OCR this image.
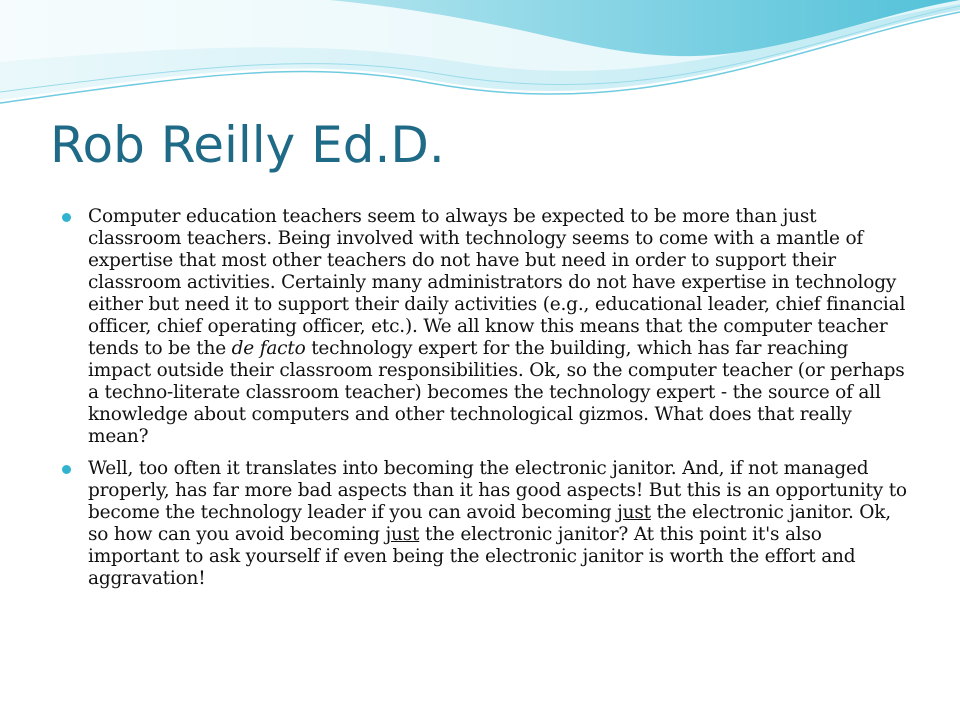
Rob Reilly Ed.D.
Computer education teachers seem to always be expected to be more than just classroom teachers. Being involved with technology seems to come with a mantle of expertise that most other teachers do not have but need in order to support their classroom activities. Certainly many administrators do not have expertise in technology either but need it to support their daily activities (e.g., educational leader, chief financial officer, chief operating officer, etc.). We all know this means that the computer teacher tends to be the de facto technology expert for the building, which has far reaching impact outside their classroom responsibilities. Ok, so the computer teacher (or perhaps a techno-literate classroom teacher) becomes the technology expert - the source of all knowledge about computers and other technological gizmos. What does that really mean?
Well, too often it translates into becoming the electronic janitor. And, if not managed properly, has far more bad aspects than it has good aspects! But this is an opportunity to become the technology leader if you can avoid becoming just the electronic janitor. Ok, so how can you avoid becoming just the electronic janitor? At this point it's also important to ask yourself if even being the electronic janitor is worth the effort and aggravation!
